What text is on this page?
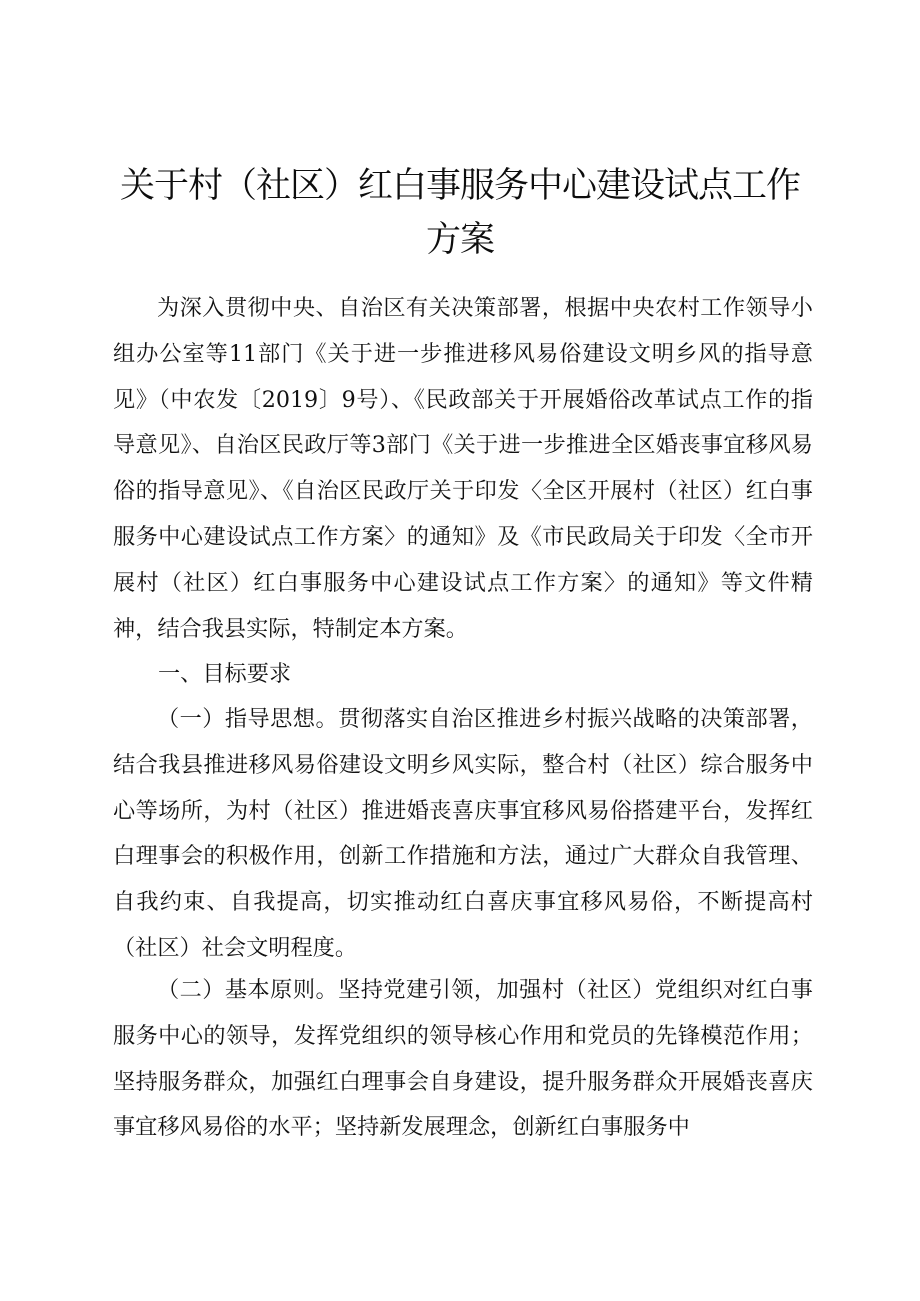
关于村（社区）红白事服务中心建设试点工作
方案

为深入贯彻中央、自治区有关决策部署，根据中央农村工作领导小组办公室等11部门《关于进一步推进移风易俗建设文明乡风的指导意见》（中农发〔2019〕9号）、《民政部关于开展婚俗改革试点工作的指导意见》、自治区民政厅等3部门《关于进一步推进全区婚丧事宜移风易俗的指导意见》、《自治区民政厅关于印发〈全区开展村（社区）红白事服务中心建设试点工作方案〉的通知》及《市民政局关于印发〈全市开展村（社区）红白事服务中心建设试点工作方案〉的通知》等文件精神，结合我县实际，特制定本方案。

一、目标要求

（一）指导思想。贯彻落实自治区推进乡村振兴战略的决策部署，结合我县推进移风易俗建设文明乡风实际，整合村（社区）综合服务中心等场所，为村（社区）推进婚丧喜庆事宜移风易俗搭建平台，发挥红白理事会的积极作用，创新工作措施和方法，通过广大群众自我管理、自我约束、自我提高，切实推动红白喜庆事宜移风易俗，不断提高村（社区）社会文明程度。

（二）基本原则。坚持党建引领，加强村（社区）党组织对红白事服务中心的领导，发挥党组织的领导核心作用和党员的先锋模范作用；坚持服务群众，加强红白理事会自身建设，提升服务群众开展婚丧喜庆事宜移风易俗的水平；坚持新发展理念，创新红白事服务中
